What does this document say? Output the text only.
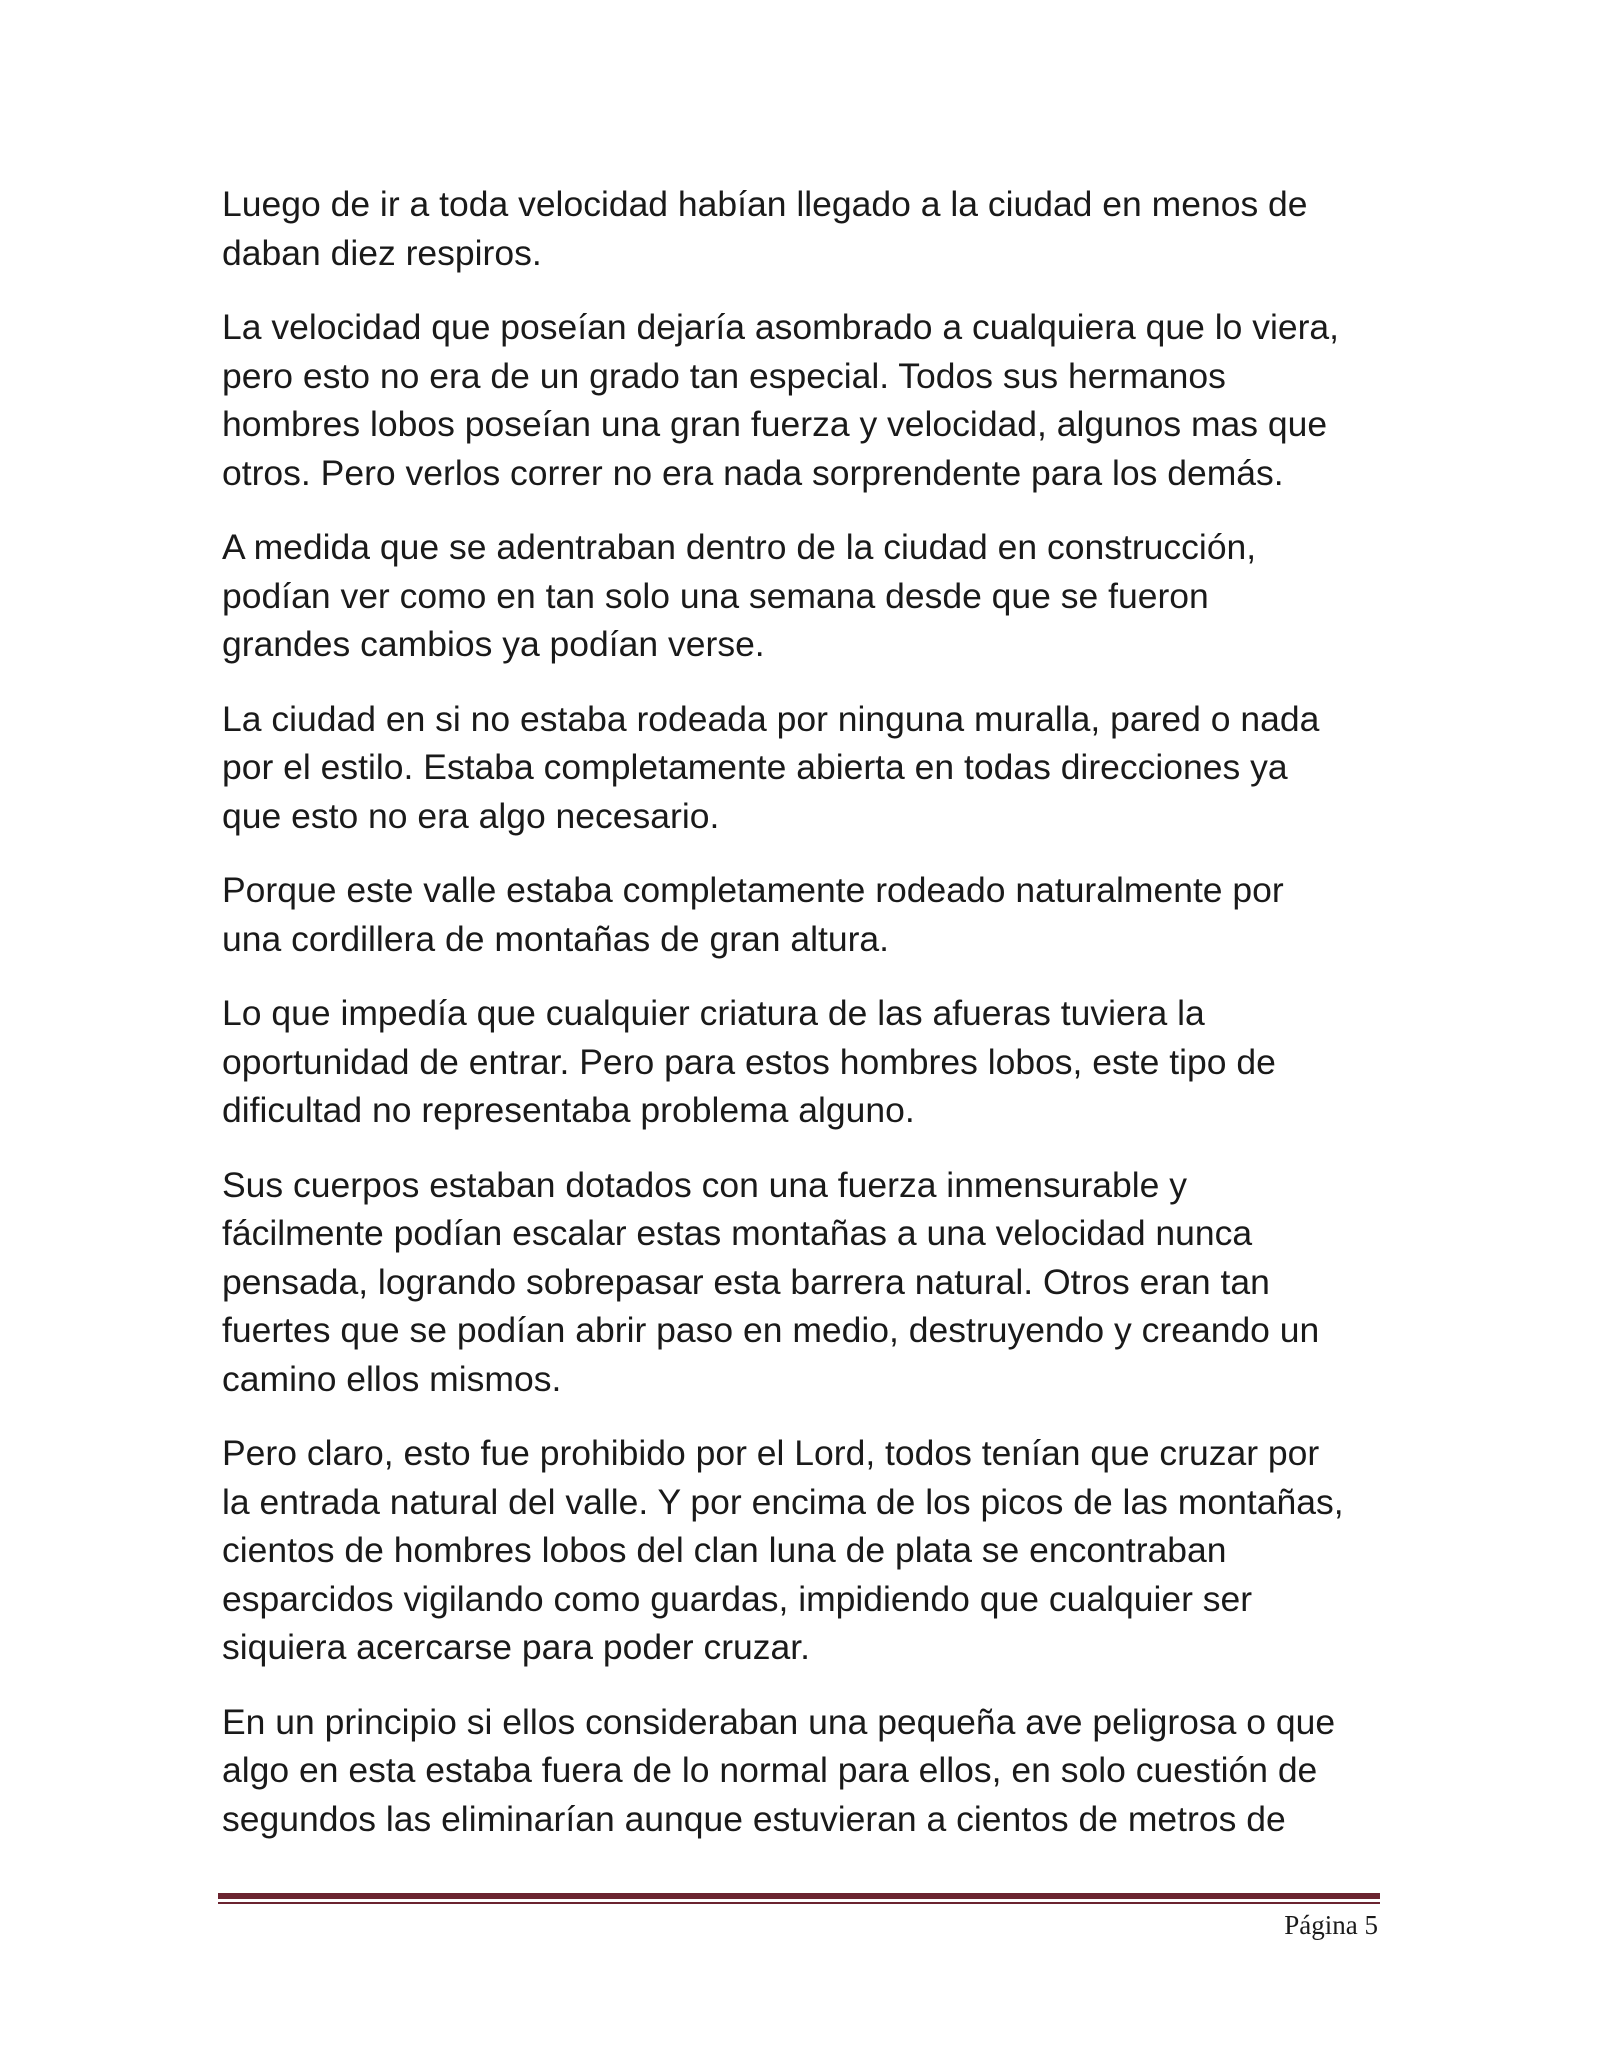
Luego de ir a toda velocidad habían llegado a la ciudad en menos de
daban diez respiros.

La velocidad que poseían dejaría asombrado a cualquiera que lo viera,
pero esto no era de un grado tan especial. Todos sus hermanos
hombres lobos poseían una gran fuerza y velocidad, algunos mas que
otros. Pero verlos correr no era nada sorprendente para los demás.

A medida que se adentraban dentro de la ciudad en construcción,
podían ver como en tan solo una semana desde que se fueron
grandes cambios ya podían verse.

La ciudad en si no estaba rodeada por ninguna muralla, pared o nada
por el estilo. Estaba completamente abierta en todas direcciones ya
que esto no era algo necesario.

Porque este valle estaba completamente rodeado naturalmente por
una cordillera de montañas de gran altura.

Lo que impedía que cualquier criatura de las afueras tuviera la
oportunidad de entrar. Pero para estos hombres lobos, este tipo de
dificultad no representaba problema alguno.

Sus cuerpos estaban dotados con una fuerza inmensurable y
fácilmente podían escalar estas montañas a una velocidad nunca
pensada, logrando sobrepasar esta barrera natural. Otros eran tan
fuertes que se podían abrir paso en medio, destruyendo y creando un
camino ellos mismos.

Pero claro, esto fue prohibido por el Lord, todos tenían que cruzar por
la entrada natural del valle. Y por encima de los picos de las montañas,
cientos de hombres lobos del clan luna de plata se encontraban
esparcidos vigilando como guardas, impidiendo que cualquier ser
siquiera acercarse para poder cruzar.

En un principio si ellos consideraban una pequeña ave peligrosa o que
algo en esta estaba fuera de lo normal para ellos, en solo cuestión de
segundos las eliminarían aunque estuvieran a cientos de metros de

Página 5
